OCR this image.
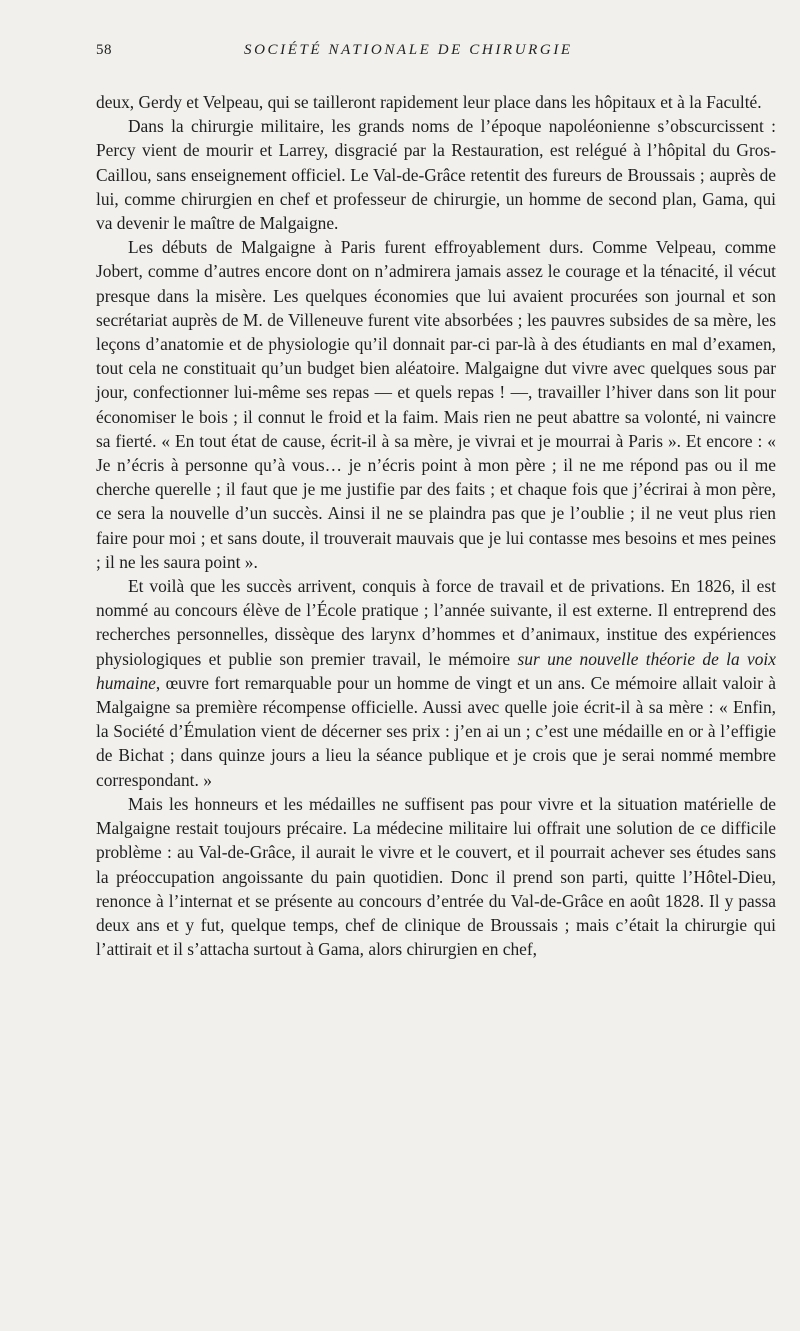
58	SOCIÉTÉ NATIONALE DE CHIRURGIE

deux, Gerdy et Velpeau, qui se tailleront rapidement leur place dans les hôpitaux et à la Faculté.

Dans la chirurgie militaire, les grands noms de l’époque napoléonienne s’obscurcissent : Percy vient de mourir et Larrey, disgracié par la Restauration, est relégué à l’hôpital du Gros-Caillou, sans enseignement officiel. Le Val-de-Grâce retentit des fureurs de Broussais ; auprès de lui, comme chirurgien en chef et professeur de chirurgie, un homme de second plan, Gama, qui va devenir le maître de Malgaigne.

Les débuts de Malgaigne à Paris furent effroyablement durs. Comme Velpeau, comme Jobert, comme d’autres encore dont on n’admirera jamais assez le courage et la ténacité, il vécut presque dans la misère. Les quelques économies que lui avaient procurées son journal et son secrétariat auprès de M. de Villeneuve furent vite absorbées ; les pauvres subsides de sa mère, les leçons d’anatomie et de physiologie qu’il donnait par-ci par-là à des étudiants en mal d’examen, tout cela ne constituait qu’un budget bien aléatoire. Malgaigne dut vivre avec quelques sous par jour, confectionner lui-même ses repas — et quels repas ! —, travailler l’hiver dans son lit pour économiser le bois ; il connut le froid et la faim. Mais rien ne peut abattre sa volonté, ni vaincre sa fierté. « En tout état de cause, écrit-il à sa mère, je vivrai et je mourrai à Paris ». Et encore : « Je n’écris à personne qu’à vous… je n’écris point à mon père ; il ne me répond pas ou il me cherche querelle ; il faut que je me justifie par des faits ; et chaque fois que j’écrirai à mon père, ce sera la nouvelle d’un succès. Ainsi il ne se plaindra pas que je l’oublie ; il ne veut plus rien faire pour moi ; et sans doute, il trouverait mauvais que je lui contasse mes besoins et mes peines ; il ne les saura point ».

Et voilà que les succès arrivent, conquis à force de travail et de privations. En 1826, il est nommé au concours élève de l’École pratique ; l’année suivante, il est externe. Il entreprend des recherches personnelles, dissèque des larynx d’hommes et d’animaux, institue des expériences physiologiques et publie son premier travail, le mémoire sur une nouvelle théorie de la voix humaine, œuvre fort remarquable pour un homme de vingt et un ans. Ce mémoire allait valoir à Malgaigne sa première récompense officielle. Aussi avec quelle joie écrit-il à sa mère : « Enfin, la Société d’Émulation vient de décerner ses prix : j’en ai un ; c’est une médaille en or à l’effigie de Bichat ; dans quinze jours a lieu la séance publique et je crois que je serai nommé membre correspondant. »

Mais les honneurs et les médailles ne suffisent pas pour vivre et la situation matérielle de Malgaigne restait toujours précaire. La médecine militaire lui offrait une solution de ce difficile problème : au Val-de-Grâce, il aurait le vivre et le couvert, et il pourrait achever ses études sans la préoccupation angoissante du pain quotidien. Donc il prend son parti, quitte l’Hôtel-Dieu, renonce à l’internat et se présente au concours d’entrée du Val-de-Grâce en août 1828. Il y passa deux ans et y fut, quelque temps, chef de clinique de Broussais ; mais c’était la chirurgie qui l’attirait et il s’attacha surtout à Gama, alors chirurgien en chef,
